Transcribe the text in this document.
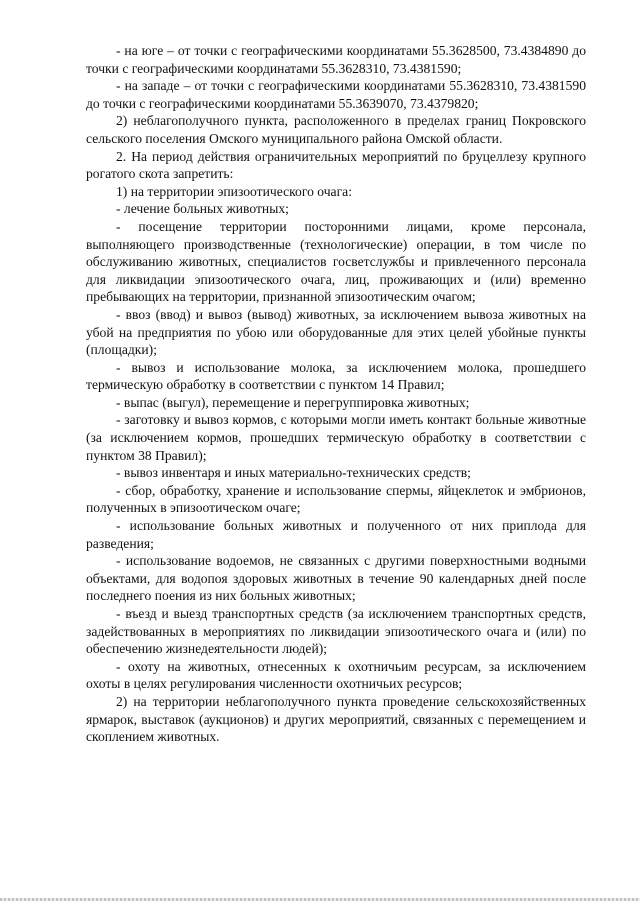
- на юге – от точки с географическими координатами 55.3628500, 73.4384890 до точки с географическими координатами 55.3628310, 73.4381590;

- на западе – от точки с географическими координатами 55.3628310, 73.4381590 до точки с географическими координатами 55.3639070, 73.4379820;

2) неблагополучного пункта, расположенного в пределах границ Покровского сельского поселения Омского муниципального района Омской области.

2. На период действия ограничительных мероприятий по бруцеллезу крупного рогатого скота запретить:

1) на территории эпизоотического очага:

- лечение больных животных;

- посещение территории посторонними лицами, кроме персонала, выполняющего производственные (технологические) операции, в том числе по обслуживанию животных, специалистов госветслужбы и привлеченного персонала для ликвидации эпизоотического очага, лиц, проживающих и (или) временно пребывающих на территории, признанной эпизоотическим очагом;

- ввоз (ввод) и вывоз (вывод) животных, за исключением вывоза животных на убой на предприятия по убою или оборудованные для этих целей убойные пункты (площадки);

- вывоз и использование молока, за исключением молока, прошедшего термическую обработку в соответствии с пунктом 14 Правил;

- выпас (выгул), перемещение и перегруппировка животных;

- заготовку и вывоз кормов, с которыми могли иметь контакт больные животные (за исключением кормов, прошедших термическую обработку в соответствии с пунктом 38 Правил);

- вывоз инвентаря и иных материально-технических средств;

- сбор, обработку, хранение и использование спермы, яйцеклеток и эмбрионов, полученных в эпизоотическом очаге;

- использование больных животных и полученного от них приплода для разведения;

- использование водоемов, не связанных с другими поверхностными водными объектами, для водопоя здоровых животных в течение 90 календарных дней после последнего поения из них больных животных;

- въезд и выезд транспортных средств (за исключением транспортных средств, задействованных в мероприятиях по ликвидации эпизоотического очага и (или) по обеспечению жизнедеятельности людей);

- охоту на животных, отнесенных к охотничьим ресурсам, за исключением охоты в целях регулирования численности охотничьих ресурсов;

2) на территории неблагополучного пункта проведение сельскохозяйственных ярмарок, выставок (аукционов) и других мероприятий, связанных с перемещением и скоплением животных.
